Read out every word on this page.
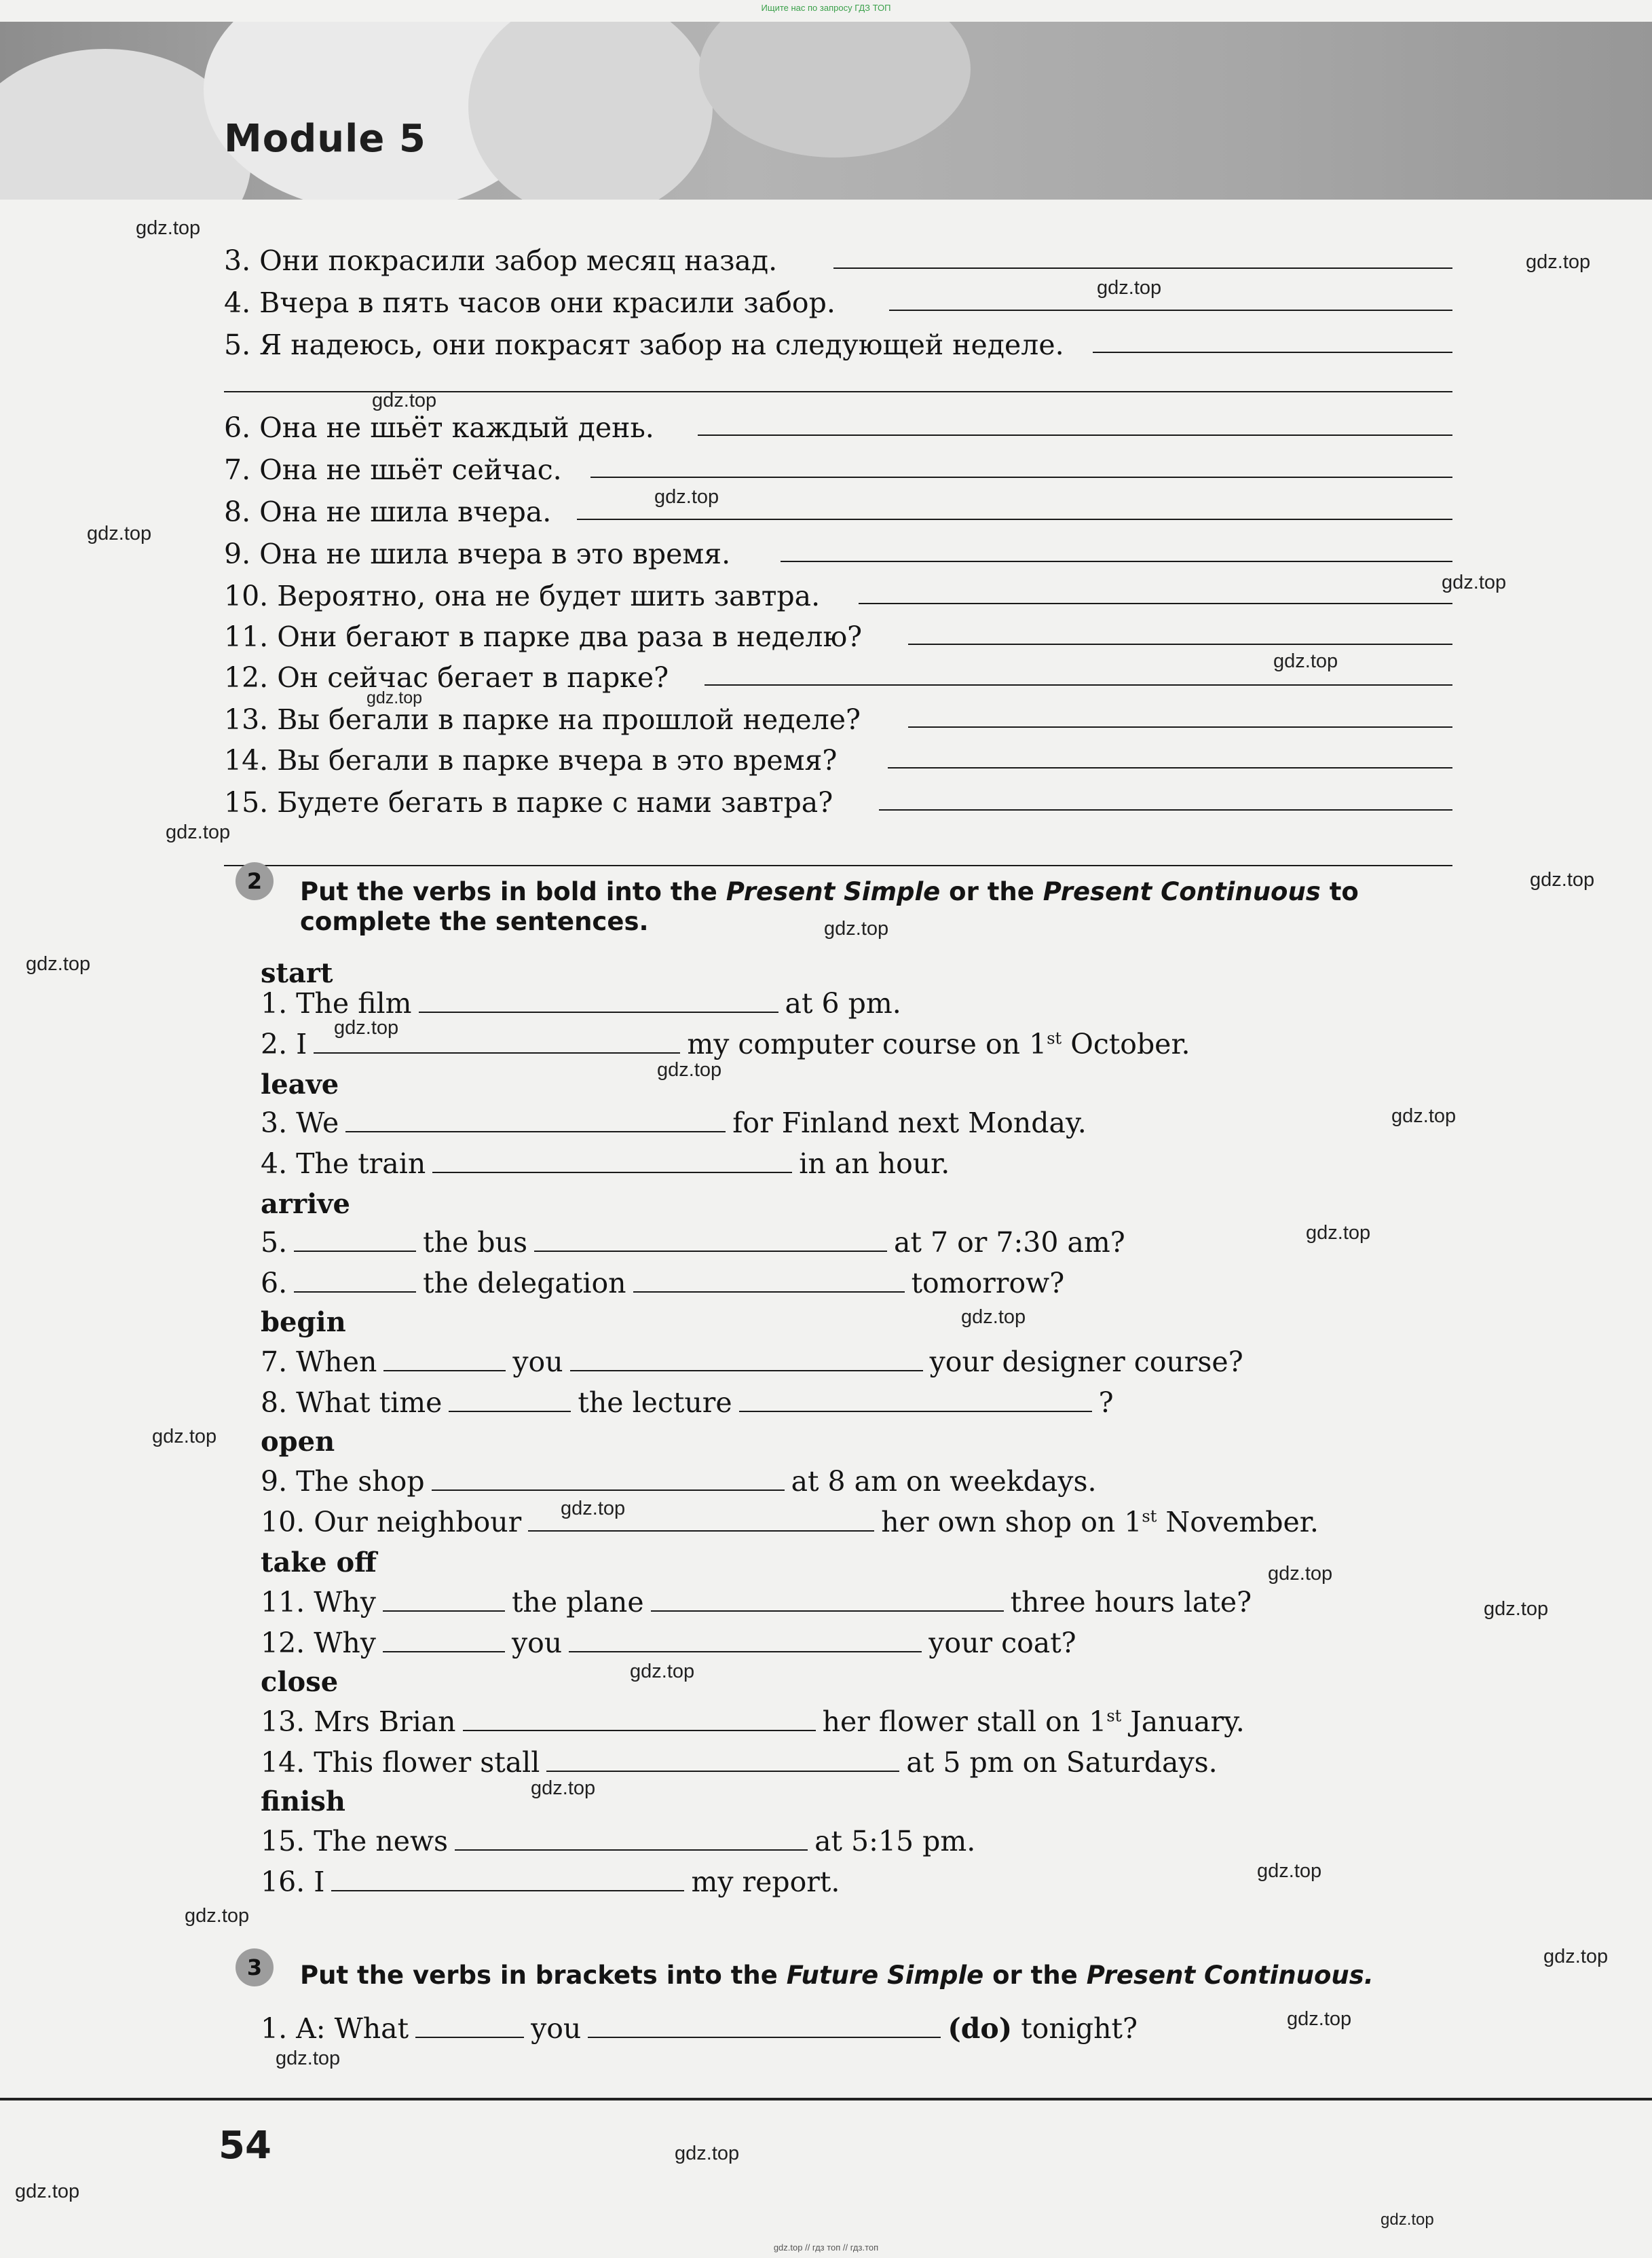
Ищите нас по запросу ГДЗ ТОП
Module 5
3. Они покрасили забор месяц назад.
4. Вчера в пять часов они красили забор.
5. Я надеюсь, они покрасят забор на следующей неделе.
6. Она не шьёт каждый день.
7. Она не шьёт сейчас.
8. Она не шила вчера.
9. Она не шила вчера в это время.
10. Вероятно, она не будет шить завтра.
11. Они бегают в парке два раза в неделю?
12. Он сейчас бегает в парке?
13. Вы бегали в парке на прошлой неделе?
14. Вы бегали в парке вчера в это время?
15. Будете бегать в парке с нами завтра?
2	Put the verbs in bold into the Present Simple or the Present Continuous to
complete the sentences.
start
1. The film	at 6 pm.
2. I	my computer course on 1st October.
leave
3. We	for Finland next Monday.
4. The train	in an hour.
arrive
5.	the bus	at 7 or 7:30 am?
6.	the delegation	tomorrow?
begin
7. When	you	your designer course?
8. What time	the lecture	?
open
9. The shop	at 8 am on weekdays.
10. Our neighbour	her own shop on 1st November.
take off
11. Why	the plane	three hours late?
12. Why	you	your coat?
close
13. Mrs Brian	her flower stall on 1st January.
14. This flower stall	at 5 pm on Saturdays.
finish
15. The news	at 5:15 pm.
16. I	my report.
3	Put the verbs in brackets into the Future Simple or the Present Continuous.
1. A: What	you	(do) tonight?
54
gdz.top // гдз топ // гдз.топ
gdz.top
gdz.top
gdz.top
gdz.top
gdz.top
gdz.top
gdz.top
gdz.top
gdz.top
gdz.top
gdz.top
gdz.top
gdz.top
gdz.top
gdz.top
gdz.top
gdz.top
gdz.top
gdz.top
gdz.top
gdz.top
gdz.top
gdz.top
gdz.top
gdz.top
gdz.top
gdz.top
gdz.top
gdz.top
gdz.top
gdz.top
gdz.top
